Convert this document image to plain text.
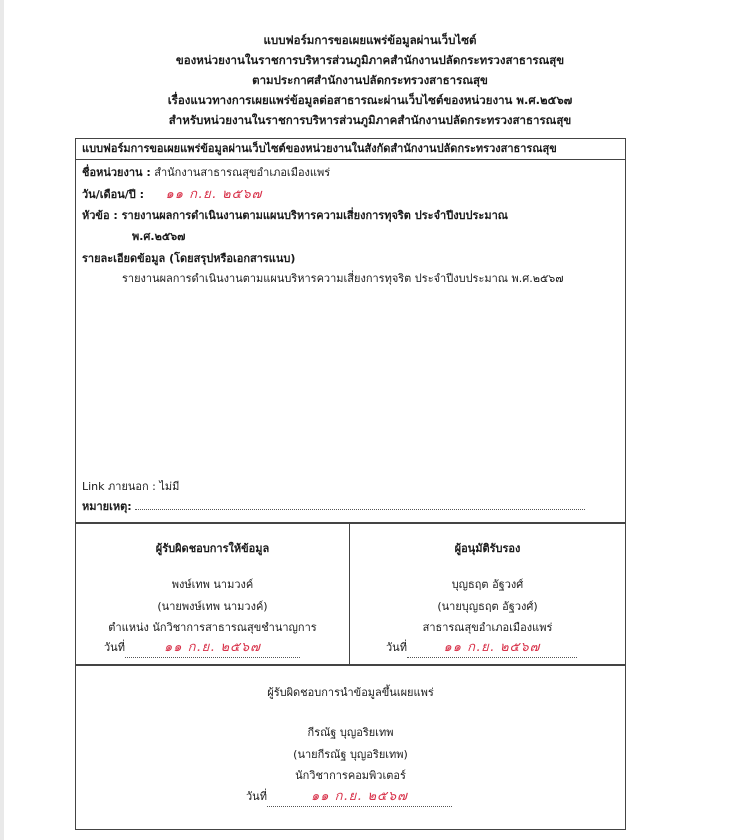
แบบฟอร์มการขอเผยแพร่ข้อมูลผ่านเว็บไซต์
ของหน่วยงานในราชการบริหารส่วนภูมิภาคสำนักงานปลัดกระทรวงสาธารณสุข
ตามประกาศสำนักงานปลัดกระทรวงสาธารณสุข
เรื่องแนวทางการเผยแพร่ข้อมูลต่อสาธารณะผ่านเว็บไซต์ของหน่วยงาน พ.ศ.๒๕๖๗
สำหรับหน่วยงานในราชการบริหารส่วนภูมิภาคสำนักงานปลัดกระทรวงสาธารณสุข
แบบฟอร์มการขอเผยแพร่ข้อมูลผ่านเว็บไซต์ของหน่วยงานในสังกัดสำนักงานปลัดกระทรวงสาธารณสุข
ชื่อหน่วยงาน : สำนักงานสาธารณสุขอำเภอเมืองแพร่
วัน/เดือน/ปี : ๑๑ ก.ย. ๒๕๖๗
หัวข้อ : รายงานผลการดำเนินงานตามแผนบริหารความเสี่ยงการทุจริต ประจำปีงบประมาณ
พ.ศ.๒๕๖๗
รายละเอียดข้อมูล (โดยสรุปหรือเอกสารแนบ)
รายงานผลการดำเนินงานตามแผนบริหารความเสี่ยงการทุจริต ประจำปีงบประมาณ พ.ศ.๒๕๖๗
Link ภายนอก : ไม่มี
หมายเหตุ:
ผู้รับผิดชอบการให้ข้อมูล
พงษ์เทพ นามวงค์
(นายพงษ์เทพ นามวงค์)
ตำแหน่ง นักวิชาการสาธารณสุขชำนาญการ
วันที่	๑๑ ก.ย. ๒๕๖๗
ผู้อนุมัติรับรอง
บุญธฤต อัฐวงศ์
(นายบุญธฤต อัฐวงศ์)
สาธารณสุขอำเภอเมืองแพร่
วันที่	๑๑ ก.ย. ๒๕๖๗
ผู้รับผิดชอบการนำข้อมูลขึ้นเผยแพร่
กีรณัฐ บุญอริยเทพ
(นายกีรณัฐ บุญอริยเทพ)
นักวิชาการคอมพิวเตอร์
วันที่	๑๑ ก.ย. ๒๕๖๗
